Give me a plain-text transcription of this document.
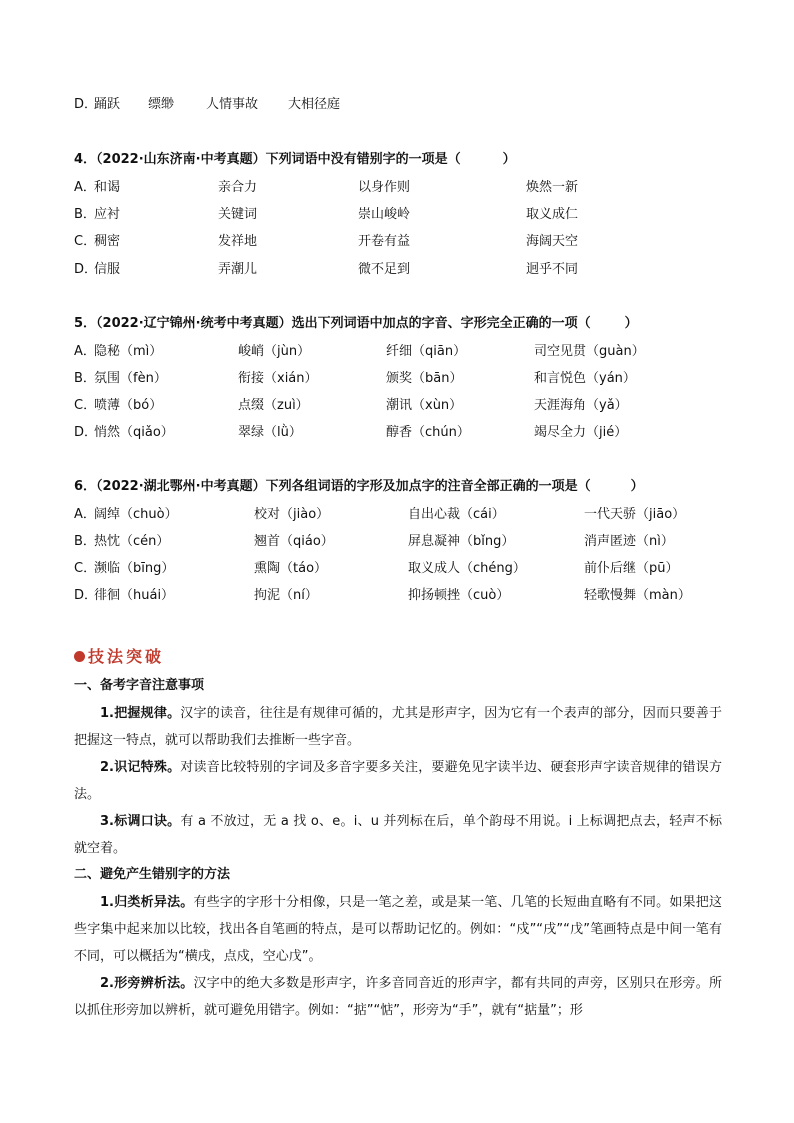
D．
踊跃 缥缈 人情事故 大相径庭
4．（2022·山东济南·中考真题）下列词语中没有错别字的一项是（	）
A．
和谒	亲合力	以身作则	焕然一新
B．
应衬	关键词	崇山峻岭	取义成仁
C．
稠密	发祥地	开卷有益	海阔天空
D．
信服	弄潮儿	微不足到	迥乎不同
5．（2022·辽宁锦州·统考中考真题）选出下列词语中加点的字音、字形完全正确的一项（	）
A．
隐秘（mì）	峻峭（jùn）	纤细（qiān）	司空见贯（guàn）
B．
氛围（fèn）	衔接（xián）	颁奖（bān）	和言悦色（yán）
C．
喷薄（bó）	点缀（zuì）	潮讯（xùn）	天涯海角（yǎ）
D．
悄然（qiǎo）	翠绿（lǜ）	醇香（chún）	竭尽全力（jié）
6．（2022·湖北鄂州·中考真题）下列各组词语的字形及加点字的注音全部正确的一项是（	）
A．
阔绰（chuò）	校对（jiào）	自出心裁（cái）	一代天骄（jiāo）
B．
热忱（cén）	翘首（qiáo）	屏息凝神（bǐng）	消声匿迹（nì）
C．
濒临（bīng）	熏陶（táo）	取义成人（chéng）	前仆后继（pū）
D．
徘徊（huái）	拘泥（ní）	抑扬顿挫（cuò）	轻歌慢舞（màn）
技法突破
一、备考字音注意事项
1.把握规律。汉字的读音，往往是有规律可循的，尤其是形声字，因为它有一个表声的部分，因而只要善于把握这一特点，就可以帮助我们去推断一些字音。
2.识记特殊。对读音比较特别的字词及多音字要多关注，要避免见字读半边、硬套形声字读音规律的错误方法。
3.标调口诀。有 a 不放过，无 a 找 o、e。i、u 并列标在后，单个韵母不用说。i 上标调把点去，轻声不标就空着。
二、避免产生错别字的方法
1.归类析异法。有些字的字形十分相像，只是一笔之差，或是某一笔、几笔的长短曲直略有不同。如果把这些字集中起来加以比较，找出各自笔画的特点，是可以帮助记忆的。例如：“戍”“戌”“戊”笔画特点是中间一笔有不同，可以概括为“横戌，点戍，空心戊”。
2.形旁辨析法。汉字中的绝大多数是形声字，许多音同音近的形声字，都有共同的声旁，区别只在形旁。所以抓住形旁加以辨析，就可避免用错字。例如：“掂”“惦”，形旁为“手”，就有“掂量”；形
